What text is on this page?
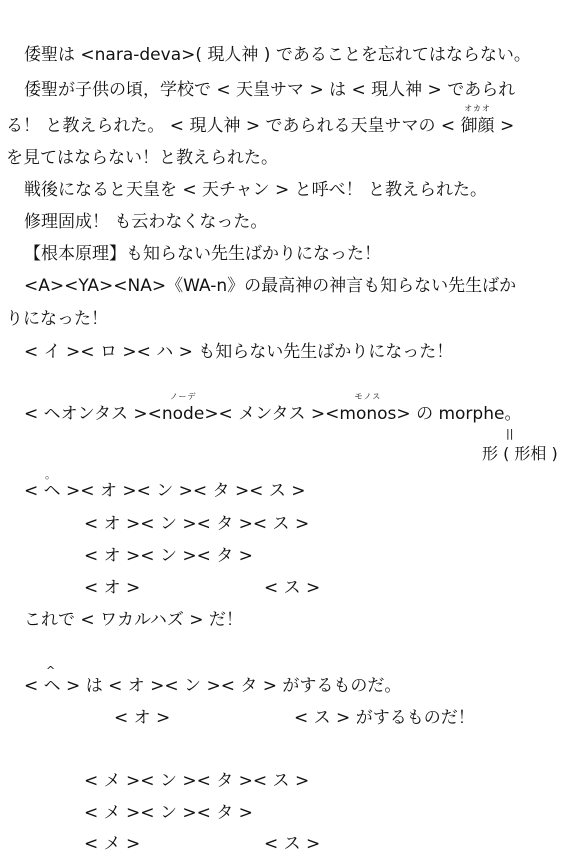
倭聖は <nara-deva>( 現人神 ) であることを忘れてはならない。
倭聖が子供の頃，学校で < 天皇サマ > は < 現人神 > であられ
る！ と教えられた。 < 現人神 > であられる天皇サマの <
オカオ
御顔 >
を見てはならない！と教えられた。
戦後になると天皇を < 天チャン > と呼べ！ と教えられた。
修理固成！ も云わなくなった。
【根本原理】も知らない先生ばかりになった！
<A><YA><NA>《WA-n》の最高神の神言も知らない先生ばか
りになった！
< イ >< ロ >< ハ > も知らない先生ばかりになった！
< ヘオンタス ><
ノーデ
node>< メンタス ><
モノス
monos> の morphe。
||
形 ( 形相 )
。
< ヘ >< オ >< ン >< タ >< ス >
< オ >< ン >< タ >< ス >
< オ >< ン >< タ >
< オ >	< ス >
これで < ワカルハズ > だ！
^
< ヘ > は < オ >< ン >< タ > がするものだ。
< オ >	< ス > がするものだ！
< メ >< ン >< タ >< ス >
< メ >< ン >< タ >
< メ >	< ス >
